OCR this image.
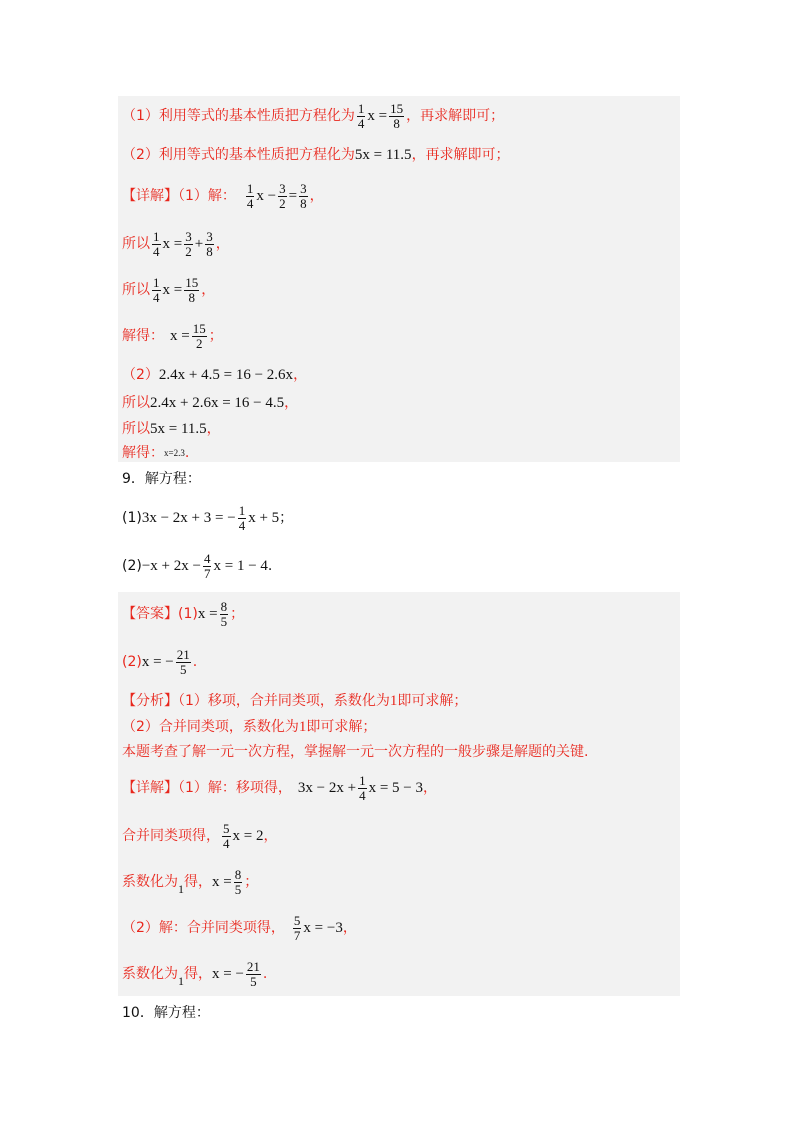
（1）利用等式的基本性质把方程化为 $\frac{1}{4}$ $x = \frac{15}{8}$ ，再求解即可；
（2）利用等式的基本性质把方程化为 5x = 11.5 ，再求解即可；
【详解】（1）解： $\frac{1}{4}$ $x - \frac{3}{2} = \frac{3}{8}$ ，
所以 $\frac{1}{4}$ $x = \frac{3}{2} + \frac{3}{8}$ ，
所以 $\frac{1}{4}$ $x = \frac{15}{8}$ ，
解得： $x = \frac{15}{2}$ ；
（2） 2.4x + 4.5 = 16 − 2.6x ，
所以 2.4x + 2.6x = 16 − 4.5 ，
所以 5x = 11.5 ，
解得： x=2.3 .
9．解方程：
(1) 3x − 2x + 3 = − $\frac{1}{4}$ x + 5 ；
$(2) -x + 2x - \frac{4}{7}$ x = 1 − 4 .
【答案】(1) $x = \frac{8}{5}$ ；
(2) x = − $\frac{21}{5}$ .
【分析】（ 1）移项，合并同类项，系数化为 1 即可求解；
（2）合并同类项，系数化为 1 即可求解；
本题考查了解一元一次方程，掌握解一元一次方程的一般步骤是解题的关键.
【详解】（1）解：移项得， $3x - 2x + \frac{1}{4}$ x = 5 − 3 ，
合并同类项得， $\frac{5}{4}$ x = 2 ，
系数化为 1 得， $x = \frac{8}{5}$ ；
（2）解：合并同类项得， $\frac{5}{7}$ x = −3 ，
系数化为 1 得， x = − $\frac{21}{5}$ .
10．解方程：
